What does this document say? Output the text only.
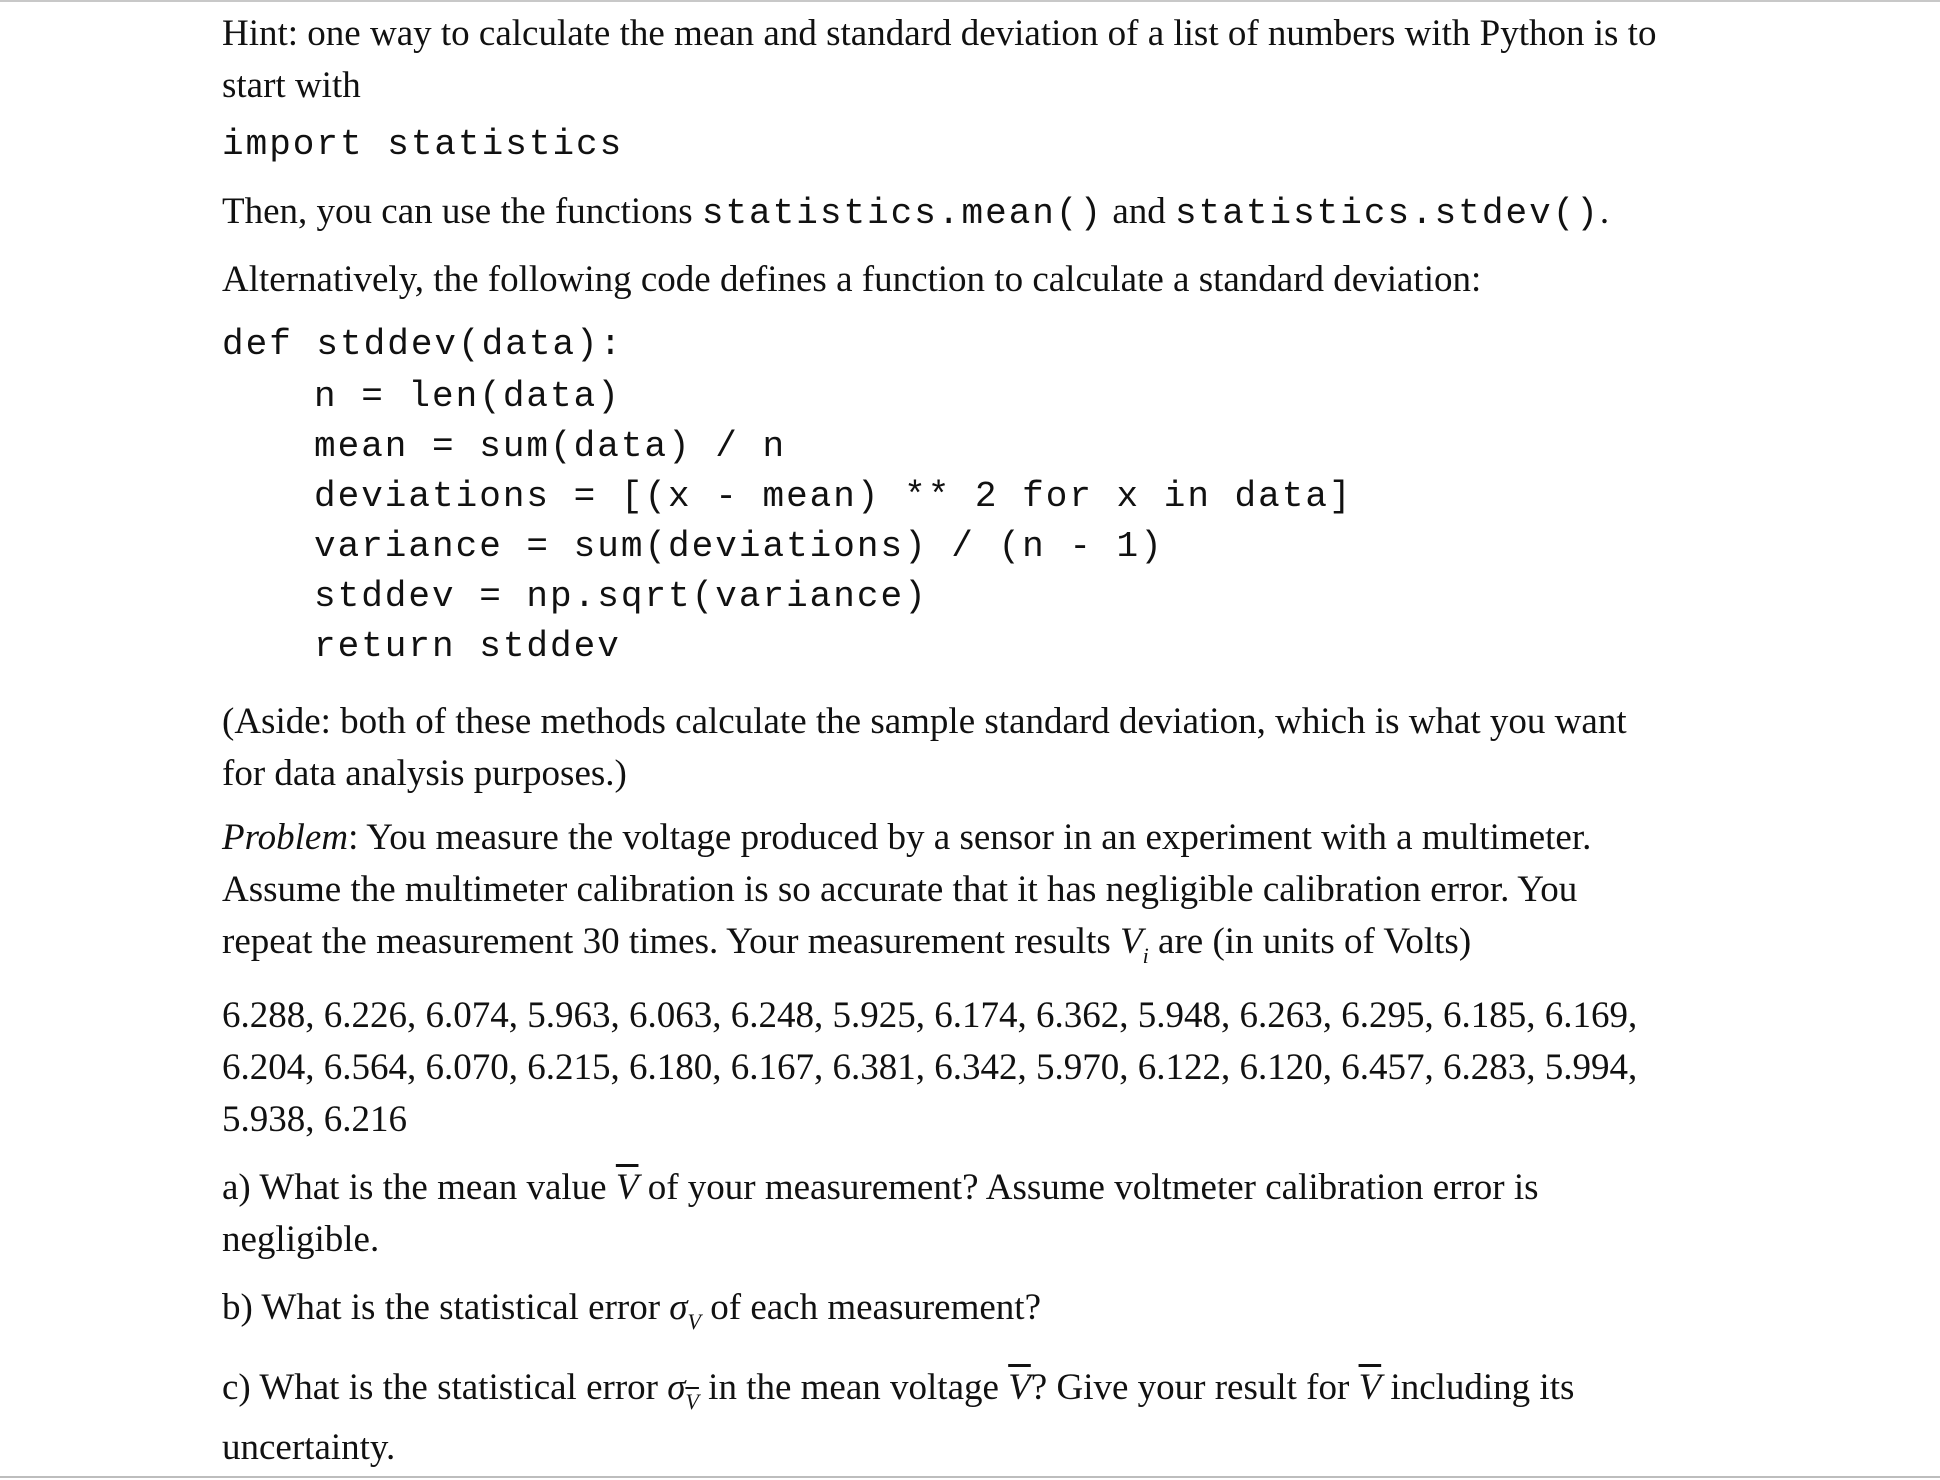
Hint: one way to calculate the mean and standard deviation of a list of numbers with Python is to

start with

import statistics

Then, you can use the functions statistics.mean() and statistics.stdev().

Alternatively, the following code defines a function to calculate a standard deviation:

def stddev(data):

n = len(data)

mean = sum(data) / n

deviations = [(x - mean) ** 2 for x in data]

variance = sum(deviations) / (n - 1)

stddev = np.sqrt(variance)

return stddev

(Aside: both of these methods calculate the sample standard deviation, which is what you want

for data analysis purposes.)

Problem: You measure the voltage produced by a sensor in an experiment with a multimeter.

Assume the multimeter calibration is so accurate that it has negligible calibration error. You

repeat the measurement 30 times. Your measurement results $V_i$ are (in units of Volts)

6.288, 6.226, 6.074, 5.963, 6.063, 6.248, 5.925, 6.174, 6.362, 5.948, 6.263, 6.295, 6.185, 6.169,

6.204, 6.564, 6.070, 6.215, 6.180, 6.167, 6.381, 6.342, 5.970, 6.122, 6.120, 6.457, 6.283, 5.994,

5.938, 6.216

a) What is the mean value $\overline{V}$ of your measurement? Assume voltmeter calibration error is

negligible.

b) What is the statistical error $\sigma_V$ of each measurement?

c) What is the statistical error $\sigma_{\overline{V}}$ in the mean voltage $\overline{V}$? Give your result for $\overline{V}$ including its

uncertainty.
